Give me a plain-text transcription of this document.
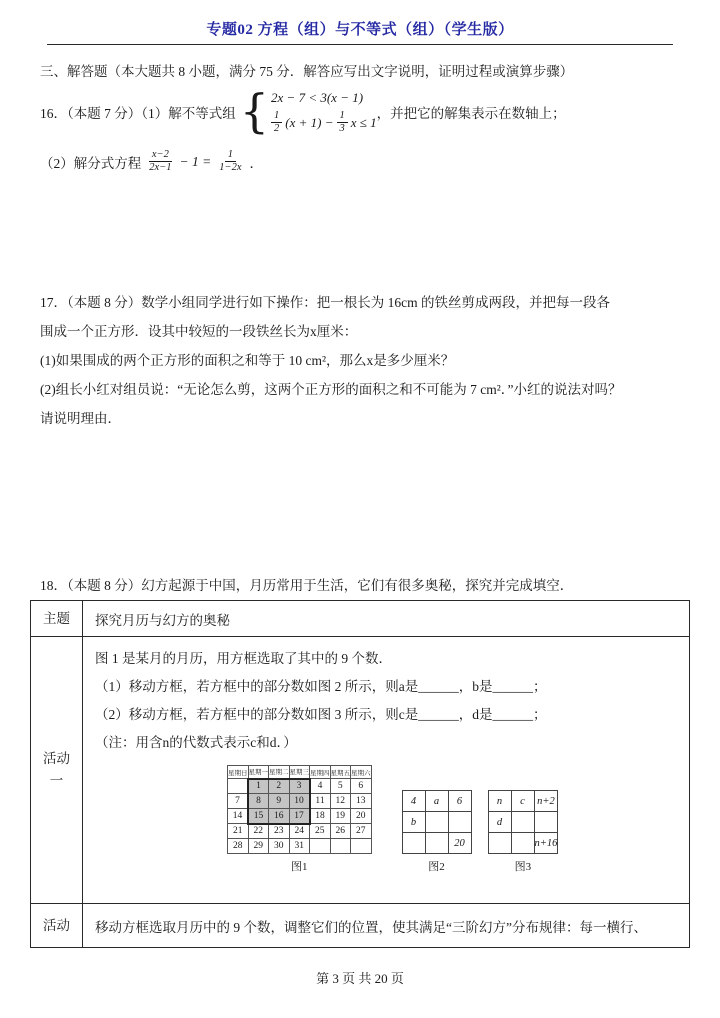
专题02 方程（组）与不等式（组）（学生版）
三、解答题（本大题共 8 小题，满分 75 分．解答应写出文字说明，证明过程或演算步骤）
16．（本题 7 分）（1）解不等式组 { 2x − 7 < 3(x − 1)
$\frac{1}{2} (x + 1) - \frac{1}{3}$ x ≤ 1
，并把它的解集表示在数轴上；
（2）解分式方程 $\frac{x-2}{2x-1} - 1 = \frac{1}{1-2x}$ ．
17．（本题 8 分）数学小组同学进行如下操作：把一根长为 16cm 的铁丝剪成两段，并把每一段各
围成一个正方形．设其中较短的一段铁丝长为x厘米：
(1)如果围成的两个正方形的面积之和等于 10 cm²，那么x是多少厘米？
(2)组长小红对组员说：“无论怎么剪，这两个正方形的面积之和不可能为 7 cm²．”小红的说法对吗？
请说明理由．
18．（本题 8 分）幻方起源于中国，月历常用于生活，它们有很多奥秘，探究并完成填空．
主题	探究月历与幻方的奥秘
活动一	
图 1 是某月的月历，用方框选取了其中的 9 个数．
（1）移动方框，若方框中的部分数如图 2 所示，则a是______，b是______；
（2）移动方框，若方框中的部分数如图 3 所示，则c是______，d是______；
（注：用含n的代数式表示c和d．）
星期日	星期一	星期二	星期三	星期四	星期五	星期六
	1	2	3	4	5	6
7	8	9	10	11	12	13
14	15	16	17	18	19	20
21	22	23	24	25	26	27
28	29	30	31			
图1
4	a	6
b		
		20
图2
n	c	n+2
d		
		n+16
图3

活动	移动方框选取月历中的 9 个数，调整它们的位置，使其满足“三阶幻方”分布规律：每一横行、
第 3 页 共 20 页
